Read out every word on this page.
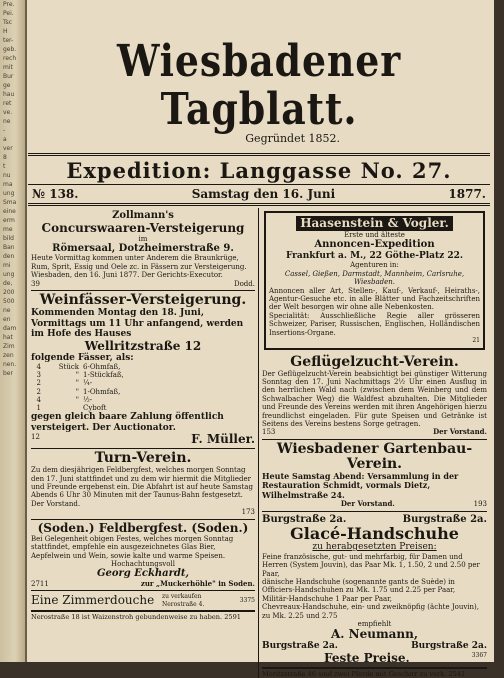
Pre.
Pei.
Tsc
H
ter-
geb.
rech
mit
Bur
ge
hau
ret
ve.
ne
-
a
ver
8
t
nu
ma
ung
Sma
eine
erm
me
bild
Ban
den
mi
ung
de,
200
500
ne
en
dam
hat
Zim
zen
nen.
ber
Wiesbadener Tagblatt.
Gegründet 1852.
Expedition: Langgasse No. 27.
№ 138.	Samstag den 16. Juni	1877.
Zollmann's
Concurswaaren-Versteigerung
im
Römersaal, Dotzheimerstraße 9.
Heute Vormittag kommen unter Anderem die Braunkrüge, Rum, Sprit, Essig und Oele zc. in Fässern zur Versteigerung.
Wiesbaden, den 16. Juni 1877. Der Gerichts-Executor.
39	Dodd.
Weinfässer-Versteigerung.
Kommenden Montag den 18. Juni, Vormittags um 11 Uhr anfangend, werden im Hofe des Hauses
Wellritzstraße 12
folgende Fässer, als:
4	Stück 6-Ohmfaß,
3	" 1-Stückfaß,
2	" ¼-
2	" 1-Ohmfaß,
4	" ½-
1	Cyboft
gegen gleich baare Zahlung öffentlich versteigert. Der Auctionator.
12	F. Müller.
Turn-Verein.
Zu dem diesjährigen Feldbergfest, welches morgen Sonntag den 17. Juni stattfindet und zu dem wir hiermit die Mitglieder und Freunde ergebenst ein. Die Abfahrt ist auf heute Samstag Abends 6 Uhr 30 Minuten mit der Taunus-Bahn festgesetzt. Der Vorstand.
173
(Soden.) Feldbergfest. (Soden.)
Bei Gelegenheit obigen Festes, welches morgen Sonntag stattfindet, empfehle ein ausgezeichnetes Glas Bier, Aepfelwein und Wein, sowie kalte und warme Speisen.
Hochachtungsvoll
Georg Eckhardt,
2711	zur „Muckerhöhle" in Soden.
Eine Zimmerdouche zu verkaufen Nerostraße 4.
3375
Nerostraße 18 ist Waizenstroh gebundenweise zu haben. 2591
Haasenstein & Vogler.
Erste und älteste
Annoncen-Expedition
Frankfurt a. M., 22 Göthe-Platz 22.
Agenturen in:
Cassel, Gießen, Darmstadt, Mannheim, Carlsruhe, Wiesbaden.
Annoncen aller Art, Stellen-, Kauf-, Verkauf-, Heiraths-, Agentur-Gesuche etc. in alle Blätter und Fachzeitschriften der Welt besorgen wir ohne alle Nebenkosten.
Specialität: Ausschließliche Regie aller grösseren Schweizer, Pariser, Russischen, Englischen, Holländischen Insertions-Organe.
21
Geflügelzucht-Verein.
Der Geflügelzucht-Verein beabsichtigt bei günstiger Witterung Sonntag den 17. Juni Nachmittags 2½ Uhr einen Ausflug in den herrlichen Wald nach (zwischen dem Weinberg und dem Schwalbacher Weg) die Waldfest abzuhalten. Die Mitglieder und Freunde des Vereins werden mit ihren Angehörigen hierzu freundlichst eingeladen. Für gute Speisen und Getränke ist Seitens des Vereins bestens Sorge getragen.
153	Der Vorstand.
Wiesbadener Gartenbau-Verein.
Heute Samstag Abend: Versammlung in der Restauration Schmidt, vormals Dietz, Wilhelmstraße 24.
Der Vorstand.	193
Burgstraße 2a.	Burgstraße 2a.
Glacé-Handschuhe
zu herabgesetzten Preisen:
Feine französische, gut- und mehrfarbig, für Damen und Herren (System Jouvin), das Paar Mk. 1, 1.50, 2 und 2.50 per Paar,
dänische Handschuhe (sogenannte gants de Suède) in Officiers-Handschuhen zu Mk. 1.75 und 2.25 per Paar,
Militär-Handschuhe 1 Paar per Paar,
Chevreaux-Handschuhe, ein- und zweiknöpfig (ächte Jouvin), zu Mk. 2.25 und 2.75
empfiehlt
A. Neumann,
Burgstraße 2a.	Burgstraße 2a.
Feste Preise.	3367
Moritzstraße 46 sind zwei Pferde mit Geschirr zu verk. 2541
